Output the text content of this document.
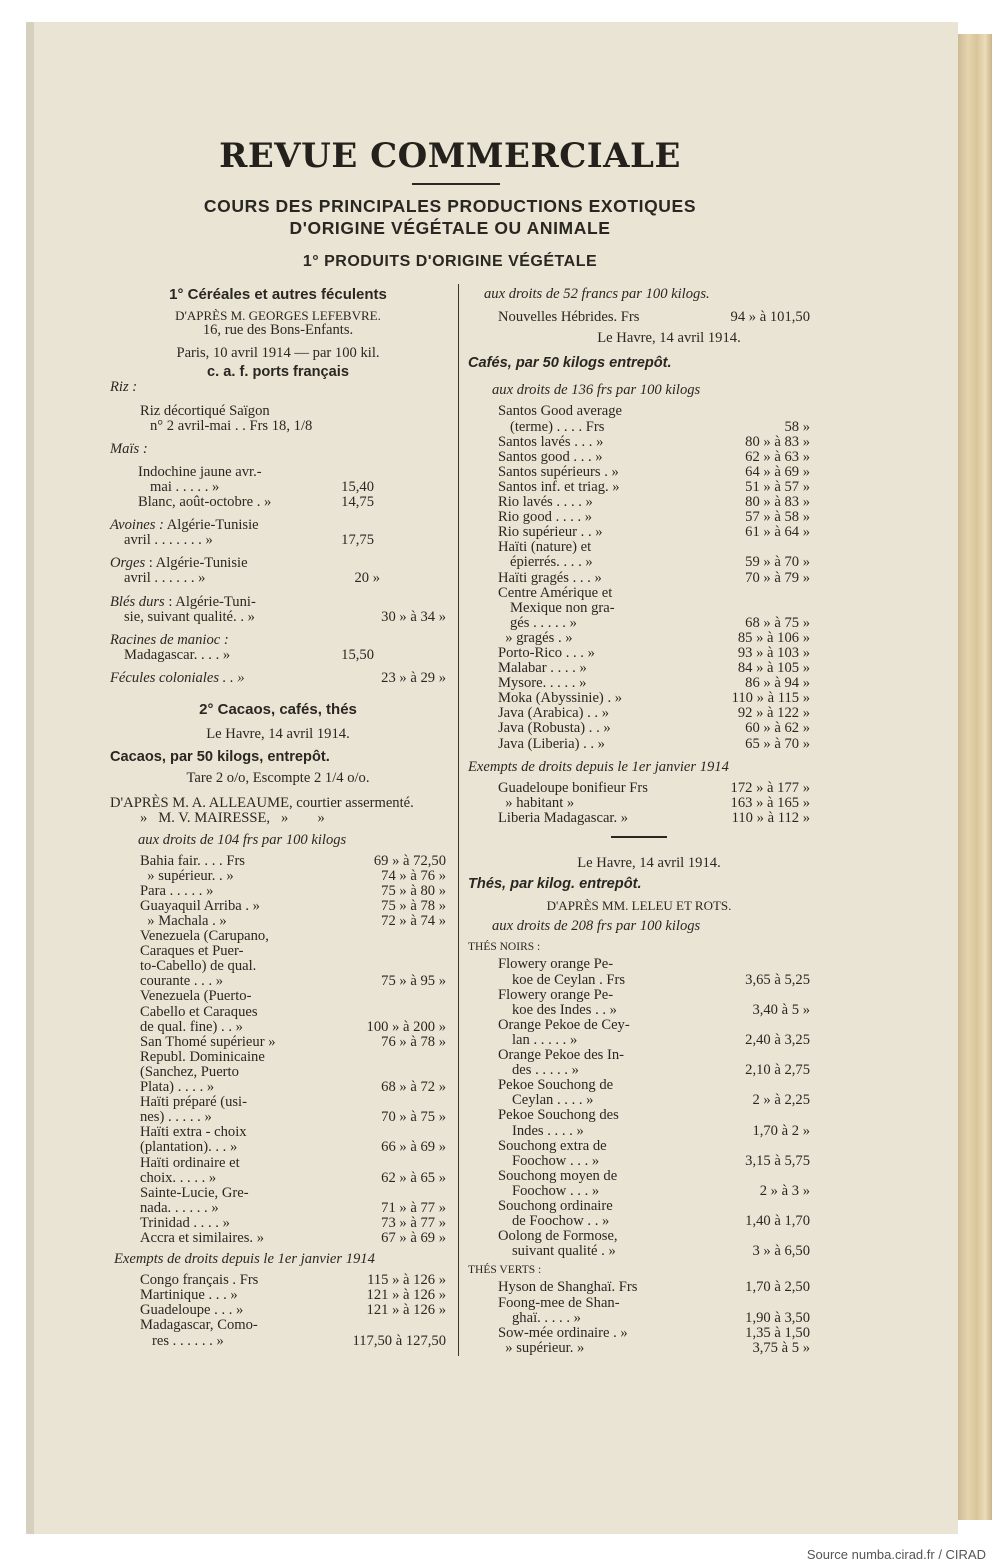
REVUE COMMERCIALE
COURS DES PRINCIPALES PRODUCTIONS EXOTIQUES
D'ORIGINE VÉGÉTALE OU ANIMALE
1° PRODUITS D'ORIGINE VÉGÉTALE
1° Céréales et autres féculents
D'APRÈS M. GEORGES LEFEBVRE.
16, rue des Bons-Enfants.
Paris, 10 avril 1914 — par 100 kil.
c. a. f. ports français
Riz :
Riz décortiqué Saïgon
n° 2 avril-mai . . Frs 18, 1/8
Maïs :
Indochine jaune avr.-
mai . . . . . »	15,40
Blanc, août-octobre . »	14,75
Avoines : Algérie-Tunisie
avril . . . . . . . »	17,75
Orges : Algérie-Tunisie
avril . . . . . . »	20 »
Blés durs : Algérie-Tuni-
sie, suivant qualité. . »	30 » à 34 »
Racines de manioc :
Madagascar. . . . »	15,50
Fécules coloniales . . »	23 » à 29 »
2° Cacaos, cafés, thés
Le Havre, 14 avril 1914.
Cacaos, par 50 kilogs, entrepôt.
Tare 2 o/o, Escompte 2 1/4 o/o.
D'APRÈS M. A. ALLEAUME, courtier assermenté.
»   M. V. MAIRESSE,   »        »
aux droits de 104 frs par 100 kilogs
Bahia fair. . . . Frs	69 » à 72,50
» supérieur. . »	74 » à 76 »
Para . . . . . »	75 » à 80 »
Guayaquil Arriba . »	75 » à 78 »
» Machala . »	72 » à 74 »
Venezuela (Carupano,
Caraques et Puer-
to-Cabello) de qual.
courante . . . »	75 » à 95 »
Venezuela (Puerto-
Cabello et Caraques
de qual. fine) . . »	100 » à 200 »
San Thomé supérieur »	76 » à 78 »
Republ. Dominicaine
(Sanchez, Puerto
Plata) . . . . »	68 » à 72 »
Haïti préparé (usi-
nes) . . . . . »	70 » à 75 »
Haïti extra - choix
(plantation). . . »	66 » à 69 »
Haïti ordinaire et
choix. . . . . »	62 » à 65 »
Sainte-Lucie, Gre-
nada. . . . . . »	71 » à 77 »
Trinidad . . . . »	73 » à 77 »
Accra et similaires. »	67 » à 69 »
Exempts de droits depuis le 1er janvier 1914
Congo français . Frs	115 » à 126 »
Martinique . . . »	121 » à 126 »
Guadeloupe . . . »	121 » à 126 »
Madagascar, Como-
res . . . . . . »	117,50 à 127,50
aux droits de 52 francs par 100 kilogs.
Nouvelles Hébrides. Frs	94 » à 101,50
Le Havre, 14 avril 1914.
Cafés, par 50 kilogs entrepôt.
aux droits de 136 frs par 100 kilogs
Santos Good average
(terme) . . . . Frs	58 »
Santos lavés . . . »	80 » à 83 »
Santos good . . . »	62 » à 63 »
Santos supérieurs . »	64 » à 69 »
Santos inf. et triag. »	51 » à 57 »
Rio lavés . . . . »	80 » à 83 »
Rio good . . . . »	57 » à 58 »
Rio supérieur . . »	61 » à 64 »
Haïti (nature) et
épierrés. . . . »	59 » à 70 »
Haïti gragés . . . »	70 » à 79 »
Centre Amérique et
Mexique non gra-
gés . . . . . »	68 » à 75 »
» gragés . »	85 » à 106 »
Porto-Rico . . . »	93 » à 103 »
Malabar . . . . »	84 » à 105 »
Mysore. . . . . »	86 » à 94 »
Moka (Abyssinie) . »	110 » à 115 »
Java (Arabica) . . »	92 » à 122 »
Java (Robusta) . . »	60 » à 62 »
Java (Liberia) . . »	65 » à 70 »
Exempts de droits depuis le 1er janvier 1914
Guadeloupe bonifieur Frs	172 » à 177 »
» habitant »	163 » à 165 »
Liberia Madagascar. »	110 » à 112 »
Le Havre, 14 avril 1914.
Thés, par kilog. entrepôt.
D'APRÈS MM. LELEU ET ROTS.
aux droits de 208 frs par 100 kilogs
THÉS NOIRS :
Flowery orange Pe-
koe de Ceylan . Frs	3,65 à 5,25
Flowery orange Pe-
koe des Indes . . »	3,40 à 5 »
Orange Pekoe de Cey-
lan . . . . . »	2,40 à 3,25
Orange Pekoe des In-
des . . . . . »	2,10 à 2,75
Pekoe Souchong de
Ceylan . . . . »	2 » à 2,25
Pekoe Souchong des
Indes . . . . »	1,70 à 2 »
Souchong extra de
Foochow . . . »	3,15 à 5,75
Souchong moyen de
Foochow . . . »	2 » à 3 »
Souchong ordinaire
de Foochow . . »	1,40 à 1,70
Oolong de Formose,
suivant qualité . »	3 » à 6,50
THÉS VERTS :
Hyson de Shanghaï. Frs	1,70 à 2,50
Foong-mee de Shan-
ghaï. . . . . »	1,90 à 3,50
Sow-mée ordinaire . »	1,35 à 1,50
» supérieur. »	3,75 à 5 »
Source numba.cirad.fr / CIRAD
